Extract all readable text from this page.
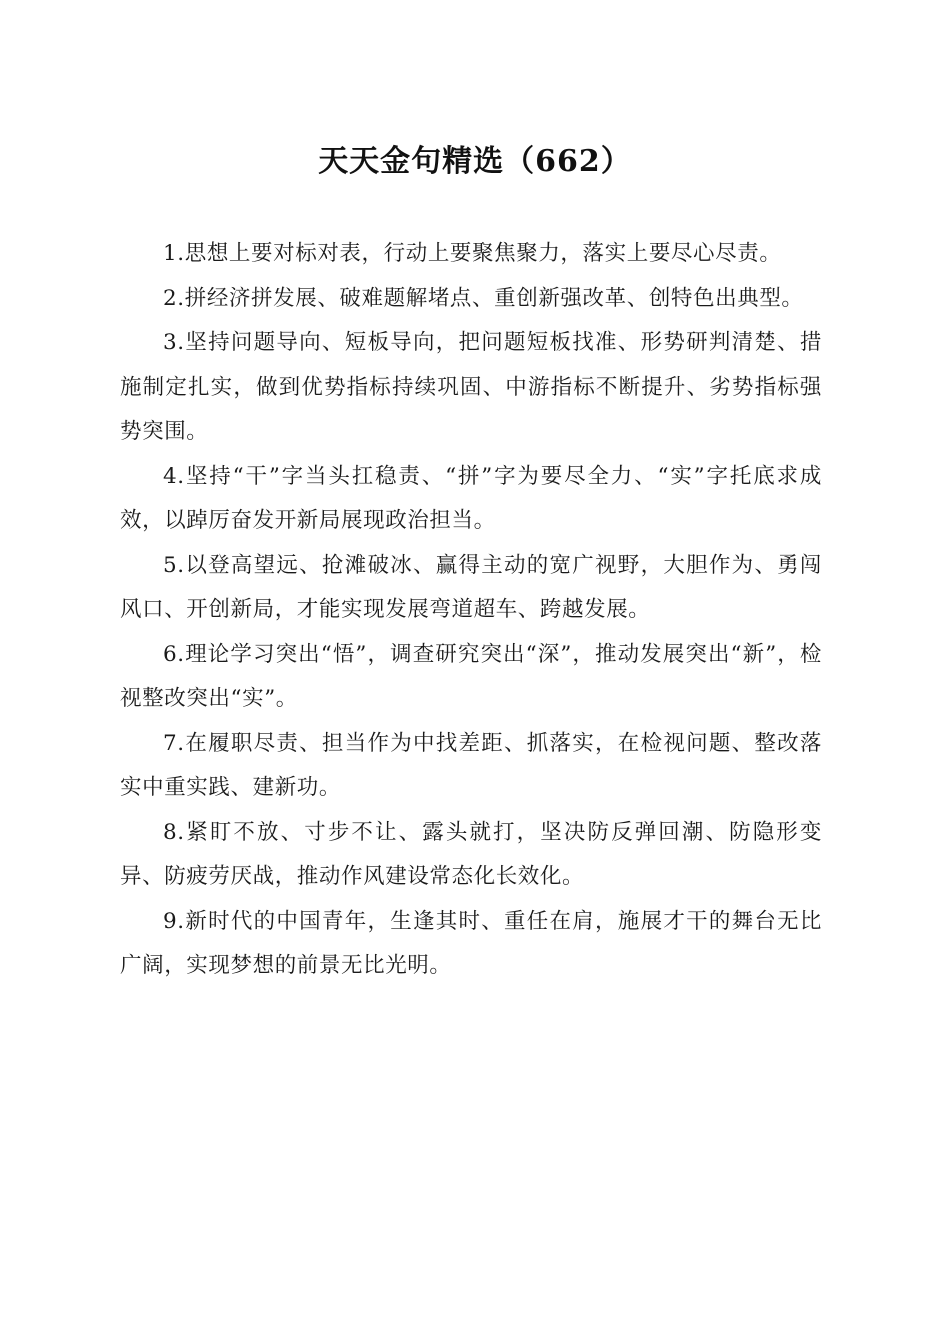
天天金句精选（662）

1.思想上要对标对表，行动上要聚焦聚力，落实上要尽心尽责。

2.拼经济拼发展、破难题解堵点、重创新强改革、创特色出典型。

3.坚持问题导向、短板导向，把问题短板找准、形势研判清楚、措施制定扎实，做到优势指标持续巩固、中游指标不断提升、劣势指标强势突围。

4.坚持“干”字当头扛稳责、“拼”字为要尽全力、“实”字托底求成效，以踔厉奋发开新局展现政治担当。

5.以登高望远、抢滩破冰、赢得主动的宽广视野，大胆作为、勇闯风口、开创新局，才能实现发展弯道超车、跨越发展。

6.理论学习突出“悟”，调查研究突出“深”，推动发展突出“新”，检视整改突出“实”。

7.在履职尽责、担当作为中找差距、抓落实，在检视问题、整改落实中重实践、建新功。

8.紧盯不放、寸步不让、露头就打，坚决防反弹回潮、防隐形变异、防疲劳厌战，推动作风建设常态化长效化。

9.新时代的中国青年，生逢其时、重任在肩，施展才干的舞台无比广阔，实现梦想的前景无比光明。
